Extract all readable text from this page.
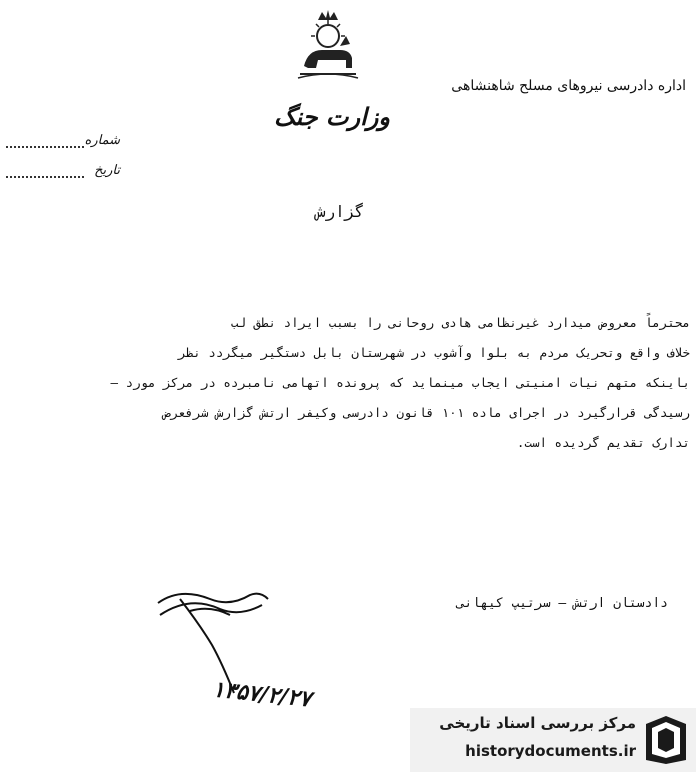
اداره دادرسی نیروهای مسلح شاهنشاهی
وزارت جنگ
شماره
تاریخ
گزارش
محترماً معروض میدارد غیرنظامی هادی روحانی را بسبب ایراد نطق لب
خلاف واقع وتحریک مردم به بلوا وآشوب در شهرستان بابل دستگیر میگردد نظر
باینکه متهم نیات امنیتی ایجاب مینماید که پرونده اتهامی نامبرده در مرکز مورد —
رسیدگی قرارگیرد در اجرای ماده ۱۰۱ قانون دادرسی وکیفر ارتش گزارش شرفعرض
تدارک تقدیم گردیده است.
دادستان ارتش — سرتیپ کیهانی
۱۳۵۷/۲/۲۷
مرکز بررسی اسناد تاریخی
historydocuments.ir
